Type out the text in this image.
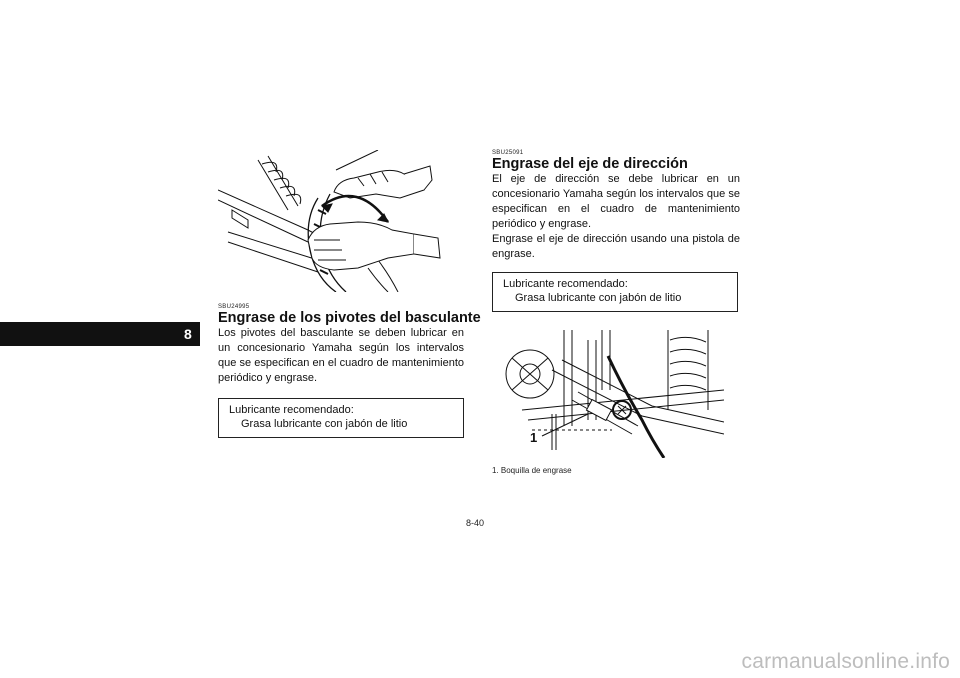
8
SBU24995
Engrase de los pivotes del basculante

Los pivotes del basculante se deben lubricar en un concesionario Yamaha según los intervalos que se especifican en el cuadro de mantenimiento periódico y engrase.

Lubricante recomendado:
Grasa lubricante con jabón de litio
SBU25091
Engrase del eje de dirección

El eje de dirección se debe lubricar en un concesionario Yamaha según los intervalos que se especifican en el cuadro de mantenimiento periódico y engrase.

Engrase el eje de dirección usando una pistola de engrase.

Lubricante recomendado:
Grasa lubricante con jabón de litio
1
1. Boquilla de engrase
8-40
carmanualsonline.info
